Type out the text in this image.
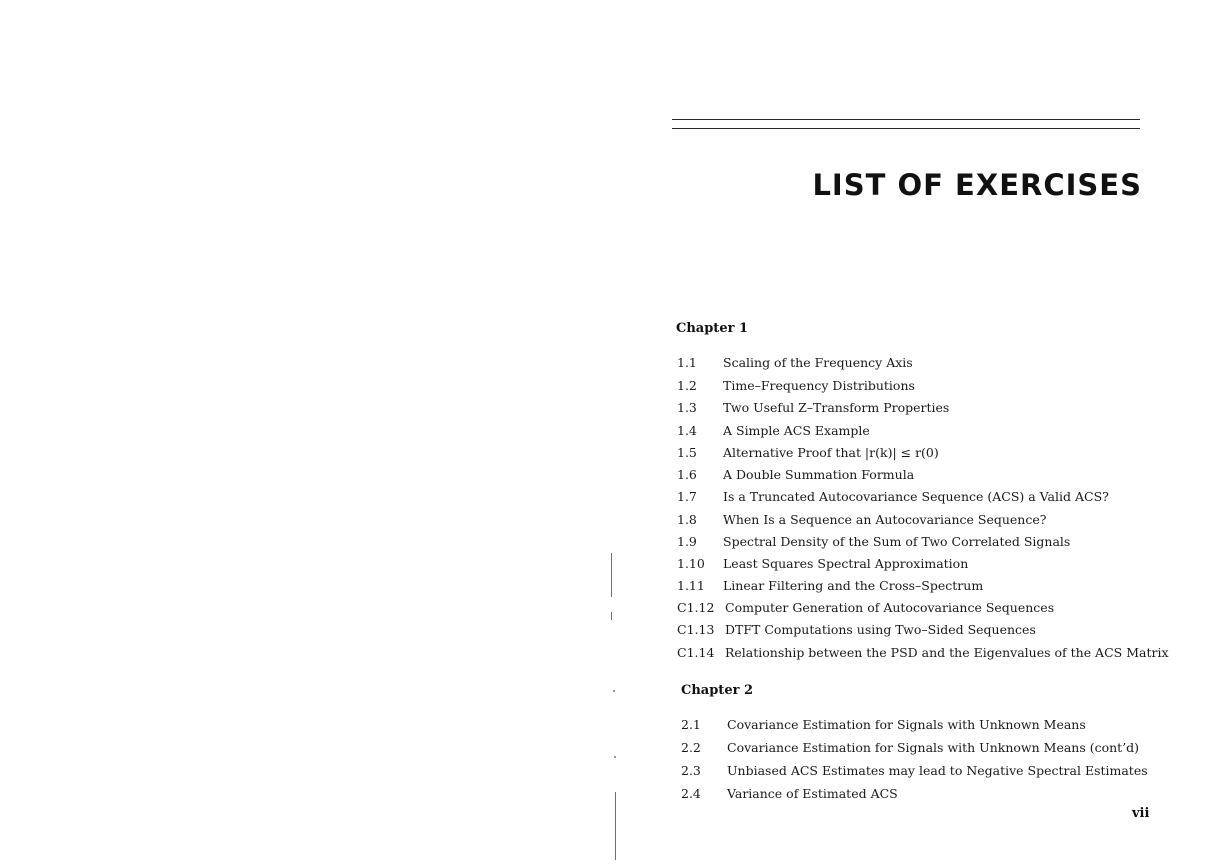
LIST OF EXERCISES
Chapter 1
1.1 Scaling of the Frequency Axis
1.2 Time–Frequency Distributions
1.3 Two Useful Z–Transform Properties
1.4 A Simple ACS Example
1.5 Alternative Proof that |r(k)| ≤ r(0)
1.6 A Double Summation Formula
1.7 Is a Truncated Autocovariance Sequence (ACS) a Valid ACS?
1.8 When Is a Sequence an Autocovariance Sequence?
1.9 Spectral Density of the Sum of Two Correlated Signals
1.10 Least Squares Spectral Approximation
1.11 Linear Filtering and the Cross–Spectrum
C1.12 Computer Generation of Autocovariance Sequences
C1.13 DTFT Computations using Two–Sided Sequences
C1.14 Relationship between the PSD and the Eigenvalues of the ACS Matrix
Chapter 2
2.1 Covariance Estimation for Signals with Unknown Means
2.2 Covariance Estimation for Signals with Unknown Means (cont’d)
2.3 Unbiased ACS Estimates may lead to Negative Spectral Estimates
2.4 Variance of Estimated ACS
vii
